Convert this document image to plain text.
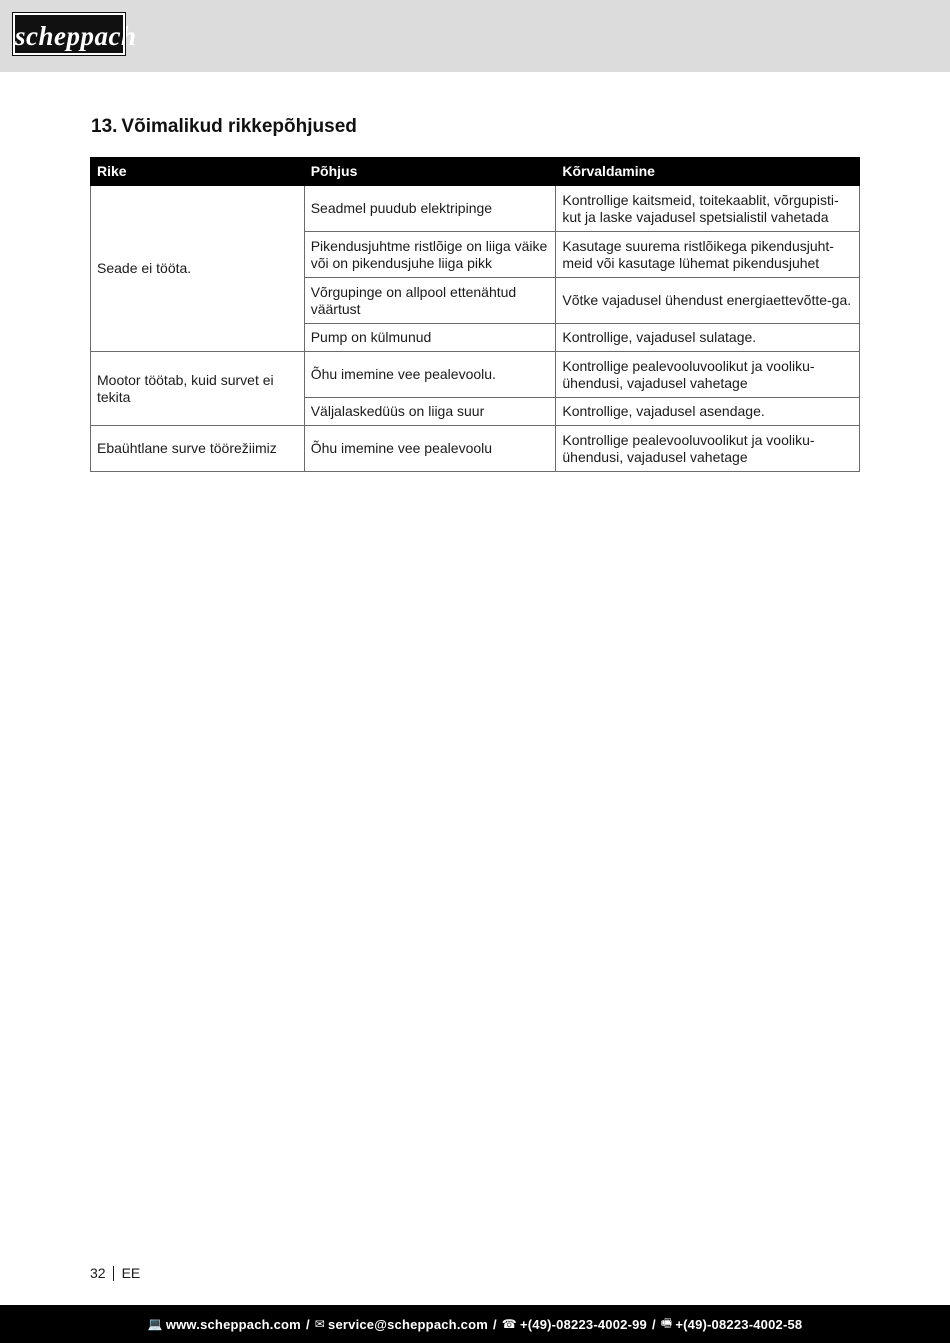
scheppach
13. Võimalikud rikkepõhjused
Rike	Põhjus	Kõrvaldamine
Seade ei tööta.	Seadmel puudub elektripinge	Kontrollige kaitsmeid, toitekaablit, võrgupisti-kut ja laske vajadusel spetsialistil vahetada
	Pikendusjuhtme ristlõige on liiga väike või on pikendusjuhe liiga pikk	Kasutage suurema ristlõikega pikendusjuht-meid või kasutage lühemat pikendusjuhet
	Võrgupinge on allpool ettenähtud väärtust	Võtke vajadusel ühendust energiaettevõtte-ga.
	Pump on külmunud	Kontrollige, vajadusel sulatage.
Mootor töötab, kuid survet ei tekita	Õhu imemine vee pealevoolu.	Kontrollige pealevooluvoolikut ja vooliku-ühendusi, vajadusel vahetage
	Väljalaskedüüs on liiga suur	Kontrollige, vajadusel asendage.
Ebaühtlane surve töörežiimiz	Õhu imemine vee pealevoolu	Kontrollige pealevooluvoolikut ja vooliku-ühendusi, vajadusel vahetage
32 EE
💻 www.scheppach.com / ✉ service@scheppach.com / ☎ +(49)-08223-4002-99 / 🖷 +(49)-08223-4002-58
